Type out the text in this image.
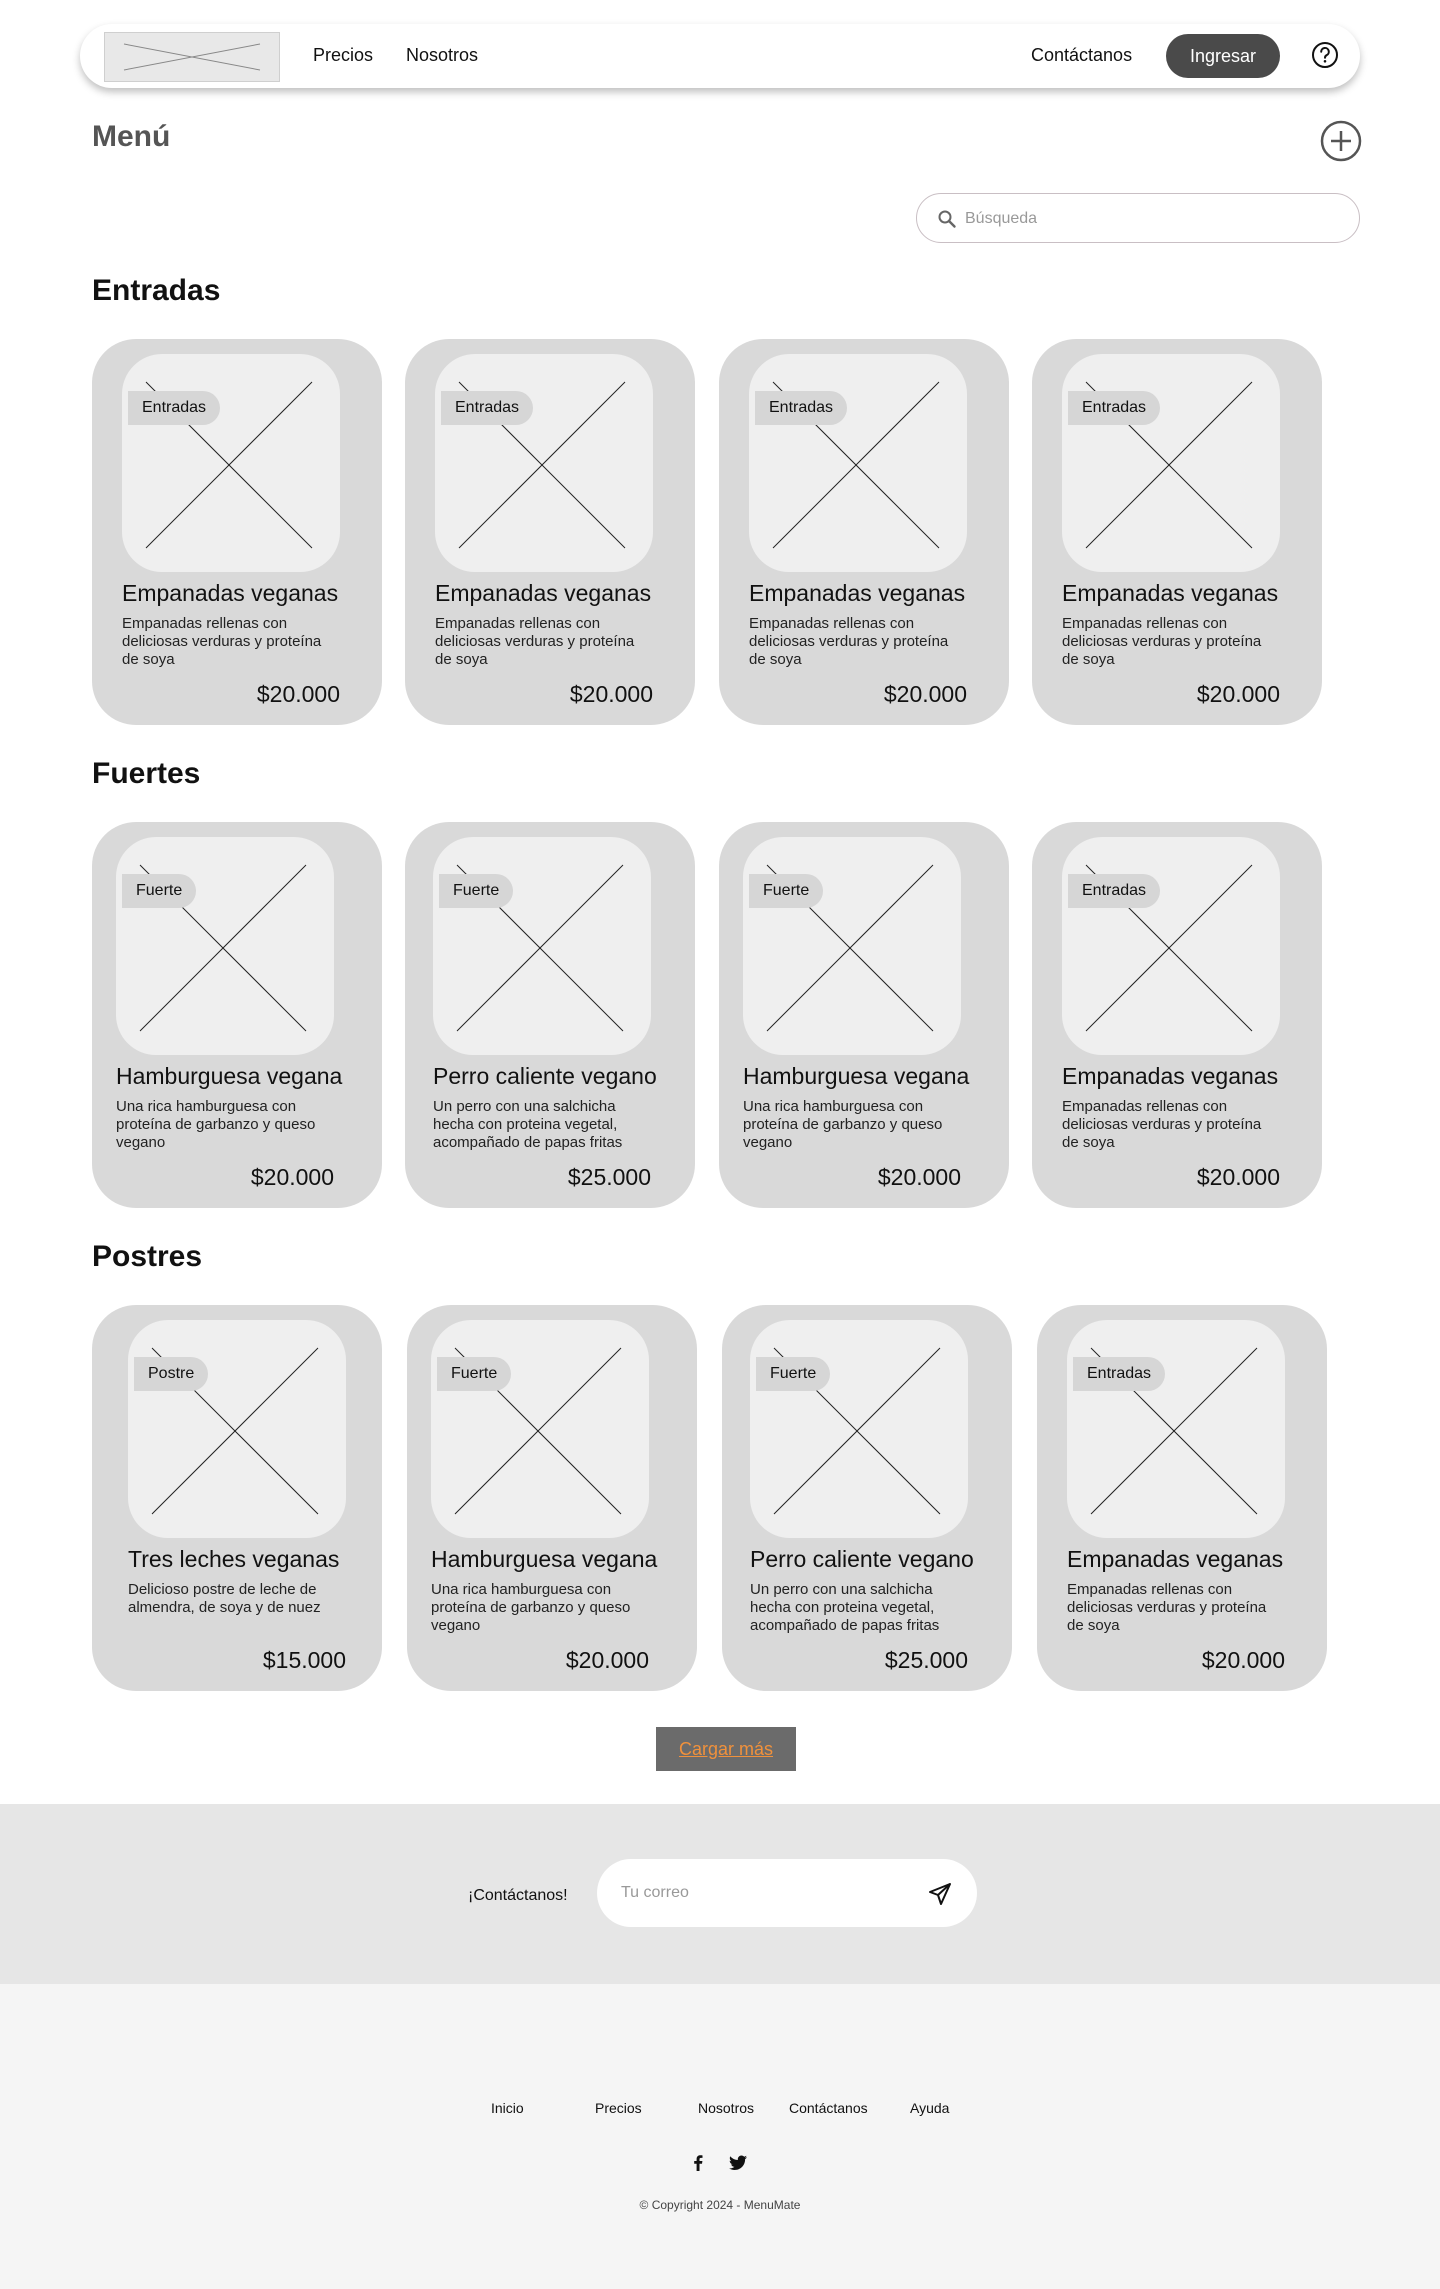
Precios Nosotros	Contáctanos	Ingresar
Menú
Búsqueda
Entradas
Entradas
Empanadas veganas
Empanadas rellenas con deliciosas verduras y proteína de soya
$20.000
Entradas
Empanadas veganas
Empanadas rellenas con deliciosas verduras y proteína de soya
$20.000
Entradas
Empanadas veganas
Empanadas rellenas con deliciosas verduras y proteína de soya
$20.000
Entradas
Empanadas veganas
Empanadas rellenas con deliciosas verduras y proteína de soya
$20.000
Fuertes
Fuerte
Hamburguesa vegana
Una rica hamburguesa con proteína de garbanzo y queso vegano
$20.000
Fuerte
Perro caliente vegano
Un perro con una salchicha hecha con proteina vegetal, acompañado de papas fritas
$25.000
Fuerte
Hamburguesa vegana
Una rica hamburguesa con proteína de garbanzo y queso vegano
$20.000
Entradas
Empanadas veganas
Empanadas rellenas con deliciosas verduras y proteína de soya
$20.000
Postres
Postre
Tres leches veganas
Delicioso postre de leche de almendra, de soya y de nuez
$15.000
Fuerte
Hamburguesa vegana
Una rica hamburguesa con proteína de garbanzo y queso vegano
$20.000
Fuerte
Perro caliente vegano
Un perro con una salchicha hecha con proteina vegetal, acompañado de papas fritas
$25.000
Entradas
Empanadas veganas
Empanadas rellenas con deliciosas verduras y proteína de soya
$20.000
Cargar más
¡Contáctanos!
Tu correo
Inicio	Precios	Nosotros Contáctanos	Ayuda
© Copyright 2024 - MenuMate
